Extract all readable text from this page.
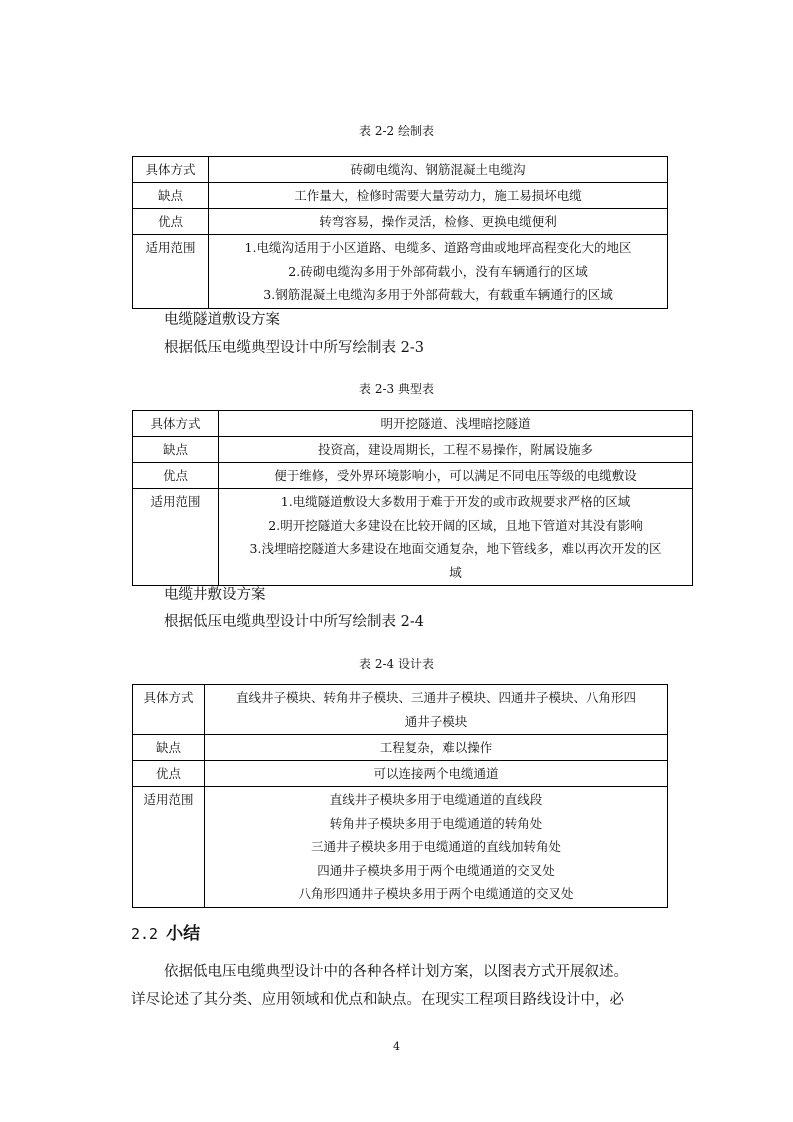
表 2-2 绘制表
具体方式	砖砌电缆沟、钢筋混凝土电缆沟
缺点	工作量大，检修时需要大量劳动力，施工易损坏电缆
优点	转弯容易，操作灵活，检修、更换电缆便利
适用范围	1.电缆沟适用于小区道路、电缆多、道路弯曲或地坪高程变化大的地区
2.砖砌电缆沟多用于外部荷载小，没有车辆通行的区域
3.钢筋混凝土电缆沟多用于外部荷载大，有载重车辆通行的区域
电缆隧道敷设方案
根据低压电缆典型设计中所写绘制表 2-3
表 2-3 典型表
具体方式	明开挖隧道、浅埋暗挖隧道
缺点	投资高，建设周期长，工程不易操作，附属设施多
优点	便于维修，受外界环境影响小，可以满足不同电压等级的电缆敷设
适用范围	1.电缆隧道敷设大多数用于难于开发的或市政规要求严格的区域
2.明开挖隧道大多建设在比较开阔的区域，且地下管道对其没有影响
3.浅埋暗挖隧道大多建设在地面交通复杂，地下管线多，难以再次开发的区
域
电缆井敷设方案
根据低压电缆典型设计中所写绘制表 2-4
表 2-4 设计表
具体方式	直线井子模块、转角井子模块、三通井子模块、四通井子模块、八角形四
通井子模块

缺点	工程复杂，难以操作
优点	可以连接两个电缆通道
适用范围	直线井子模块多用于电缆通道的直线段
转角井子模块多用于电缆通道的转角处
三通井子模块多用于电缆通道的直线加转角处
四通井子模块多用于两个电缆通道的交叉处
八角形四通井子模块多用于两个电缆通道的交叉处
2.2 小结
依据低电压电缆典型设计中的各种各样计划方案，以图表方式开展叙述。
详尽论述了其分类、应用领域和优点和缺点。在现实工程项目路线设计中，必
4
